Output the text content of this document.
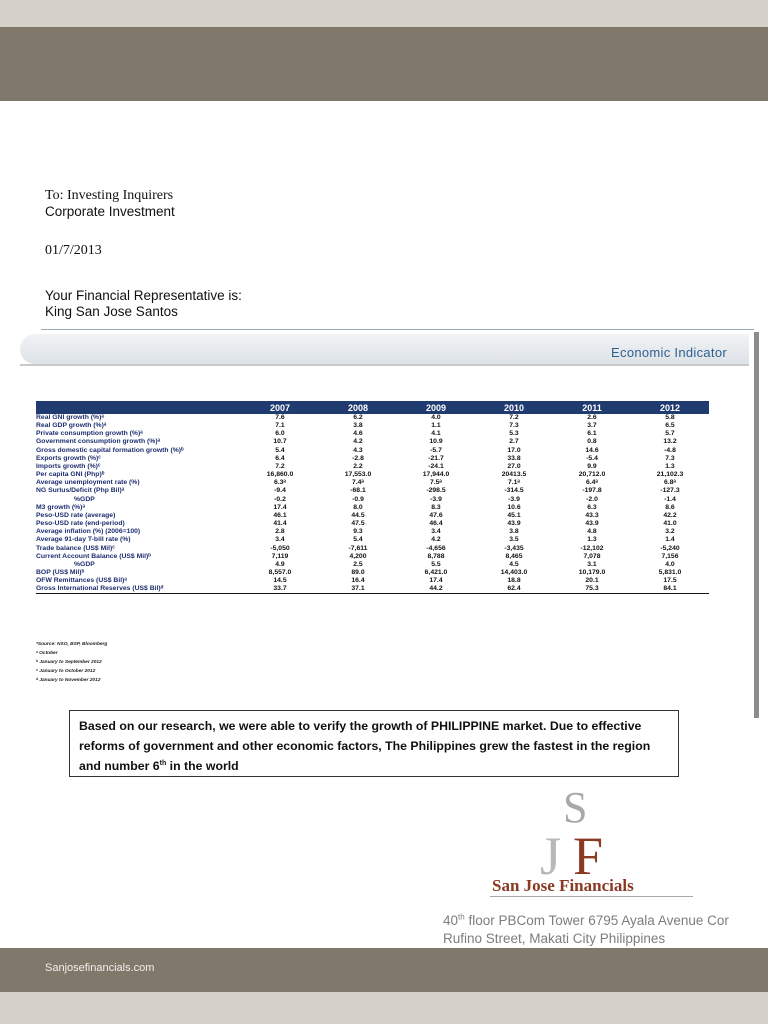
To: Investing Inquirers
Corporate Investment
01/7/2013
Your Financial Representative is:
King San Jose Santos
Economic Indicator
	2007	2008	2009	2010	2011	2012
Real GNI growth (%)ᵃ	7.6	6.2	4.0	7.2	2.6	5.8
Real GDP growth (%)ᵃ	7.1	3.8	1.1	7.3	3.7	6.5
Private consumption growth (%)ᵃ	6.0	4.6	4.1	5.3	6.1	5.7
Government consumption growth (%)ᵃ	10.7	4.2	10.9	2.7	0.8	13.2
Gross domestic capital formation growth (%)ᵇ	5.4	4.3	-5.7	17.0	14.6	-4.8
Exports growth (%)ᶜ	6.4	-2.8	-21.7	33.8	-5.4	7.3
Imports growth (%)ᶜ	7.2	2.2	-24.1	27.0	9.9	1.3
Per capita GNI (Php)ᵇ	16,860.0	17,553.0	17,944.0	20413.5	20,712.0	21,102.3
Average unemployment rate (%)	6.3ᵃ	7.4ᵃ	7.5ᵃ	7.1ᵃ	6.4ᵃ	6.8ᵃ
NG Surlus/Deficit (Php Bil)ᵃ	-9.4	-68.1	-298.5	-314.5	-197.8	-127.3
%GDP	-0.2	-0.9	-3.9	-3.9	-2.0	-1.4
M3 growth (%)ᵃ	17.4	8.0	8.3	10.6	6.3	8.6
Peso-USD rate (average)	46.1	44.5	47.6	45.1	43.3	42.2
Peso-USD rate (end-period)	41.4	47.5	46.4	43.9	43.9	41.0
Average inflation (%) (2006=100)	2.8	9.3	3.4	3.8	4.8	3.2
Average 91-day T-bill rate (%)	3.4	5.4	4.2	3.5	1.3	1.4
Trade balance (US$ Mil)ᶜ	-5,050	-7,611	-4,656	-3,435	-12,102	-5,240
Current Account Balance (US$ Mil)ᵇ	7,119	4,200	8,788	8,465	7,078	7,156
%GDP	4.9	2.5	5.5	4.5	3.1	4.0
BOP (US$ Mil)ᵇ	8,557.0	89.0	6,421.0	14,403.0	10,179.0	5,831.0
OFW Remittances (US$ Bil)ᵃ	14.5	16.4	17.4	18.8	20.1	17.5
Gross International Reserves (US$ Bil)ᵈ	33.7	37.1	44.2	62.4	75.3	84.1
*Source: NSO, BSP, Bloomberg
ᵃ October
ᵇ January to September 2012
ᶜ January to October 2012
ᵈ January to November 2012
Based on our research, we were able to verify the growth of PHILIPPINE market. Due to effective reforms of government and other economic factors, The Philippines grew the fastest in the region and number 6th in the world
S
J F
San Jose Financials
40th floor PBCom Tower 6795 Ayala Avenue Cor
Rufino Street, Makati City Philippines
Sanjosefinancials.com
